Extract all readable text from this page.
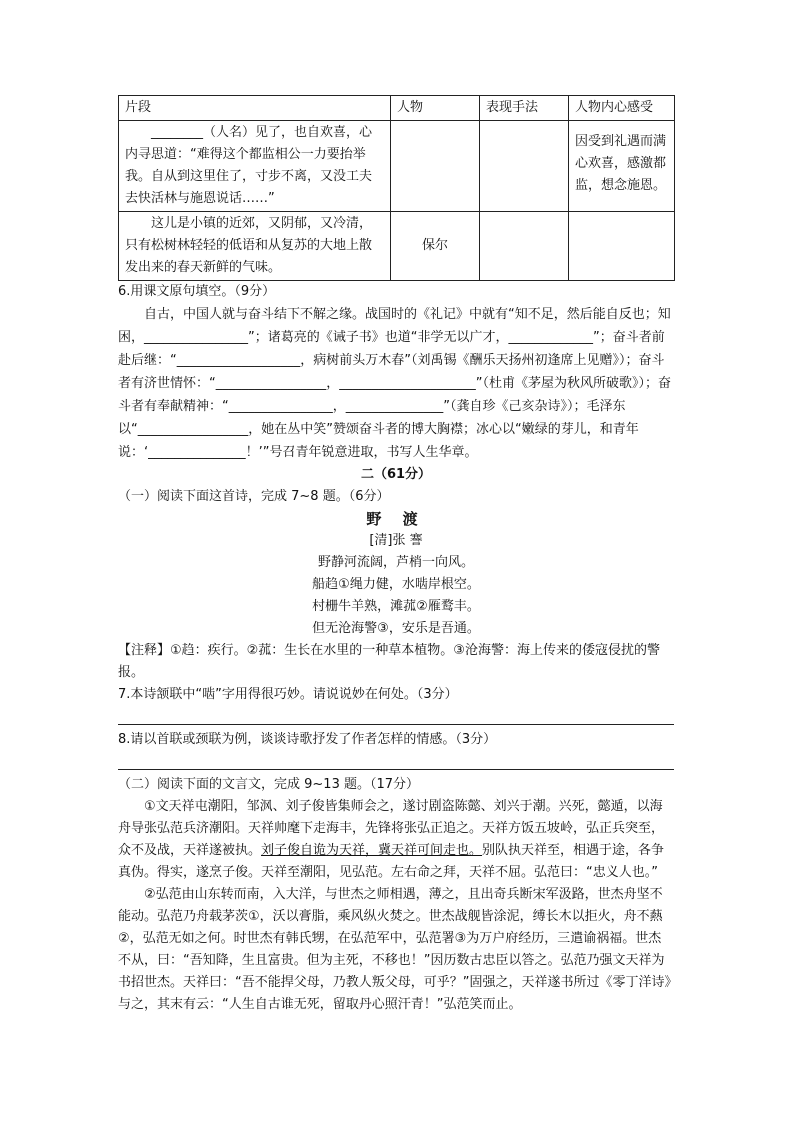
片段	人物	表现手法	人物内心感受
________（人名）见了，也自欢喜，心内寻思道：“难得这个都监相公一力要抬举我。自从到这里住了，寸步不离，又没工夫去快活林与施恩说话……”			因受到礼遇而满心欢喜，感激都监，想念施恩。
这儿是小镇的近郊，又阴郁，又冷清，只有松树林轻轻的低语和从复苏的大地上散发出来的春天新鲜的气味。	保尔		

6.用课文原句填空。（9分）

自古，中国人就与奋斗结下不解之缘。战国时的《礼记》中就有“知不足，然后能自反也；知困，________________”；诸葛亮的《诫子书》也道“非学无以广才，_____________”；奋斗者前赴后继：“___________________，病树前头万木春”（刘禹锡《酬乐天扬州初逢席上见赠》）；奋斗者有济世情怀：“_________________，_____________________”（杜甫《茅屋为秋风所破歌》）；奋斗者有奉献精神：“________________，_______________”（龚自珍《己亥杂诗》）；毛泽东以“_________________，她在丛中笑”赞颂奋斗者的博大胸襟；冰心以“嫩绿的芽儿，和青年说：‘_______________！’”号召青年锐意进取，书写人生华章。

二（61分）

（一）阅读下面这首诗，完成 7~8 题。（6分）

野 渡

[清]张 謇

野静河流阔，芦梢一向风。

船趋①绳力健，水啮岸根空。

村栅牛羊熟，滩菰②雁鹜丰。

但无沧海警③，安乐是吾通。

【注释】①趋：疾行。②菰：生长在水里的一种草本植物。③沧海警：海上传来的倭寇侵扰的警报。

7.本诗颔联中“啮”字用得很巧妙。请说说妙在何处。（3分）

8.请以首联或颈联为例，谈谈诗歌抒发了作者怎样的情感。（3分）

（二）阅读下面的文言文，完成 9~13 题。（17分）

①文天祥屯潮阳，邹沨、刘子俊皆集师会之，遂讨剧盗陈懿、刘兴于潮。兴死，懿遁，以海舟导张弘范兵济潮阳。天祥帅麾下走海丰，先锋将张弘正追之。天祥方饭五坡岭，弘正兵突至，众不及战，天祥遂被执。刘子俊自诡为天祥，冀天祥可间走也。别队执天祥至，相遇于途，各争真伪。得实，遂烹子俊。天祥至潮阳，见弘范。左右命之拜，天祥不屈。弘范曰：“忠义人也。”

②弘范由山东转而南，入大洋，与世杰之师相遇，薄之，且出奇兵断宋军汲路，世杰舟坚不能动。弘范乃舟载茅茨①，沃以膏脂，乘风纵火焚之。世杰战舰皆涂泥，缚长木以拒火，舟不爇②，弘范无如之何。时世杰有韩氏甥，在弘范军中，弘范署③为万户府经历，三遣谕祸福。世杰不从，曰：“吾知降，生且富贵。但为主死，不移也！”因历数古忠臣以答之。弘范乃强文天祥为书招世杰。天祥曰：“吾不能捍父母，乃教人叛父母，可乎？”固强之，天祥遂书所过《零丁洋诗》与之，其末有云：“人生自古谁无死，留取丹心照汗青！”弘范笑而止。
